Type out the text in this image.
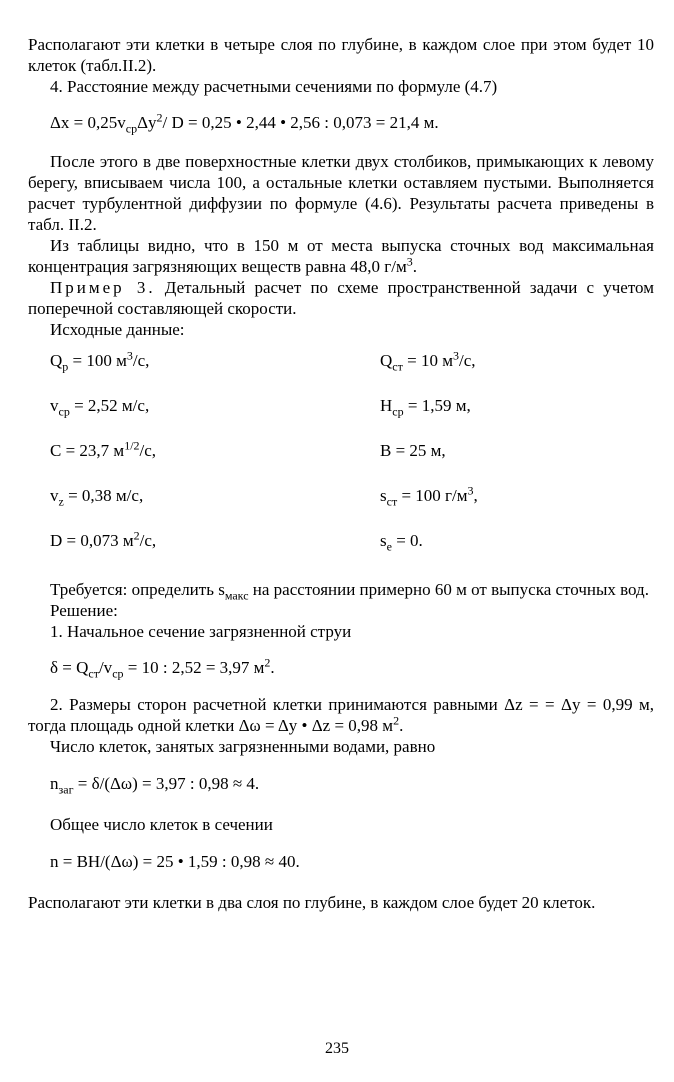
Располагают эти клетки в четыре слоя по глубине, в каждом слое при этом будет 10 клеток (табл.II.2).

4. Расстояние между расчетными сечениями по формуле (4.7)

$\Delta x = 0,25v_{ср}\Delta y^2/$ D = 0,25 • 2,44 • 2,56 : 0,073 = 21,4 м.

После этого в две поверхностные клетки двух столбиков, примыкающих к левому берегу, вписываем числа 100, а остальные клетки оставляем пустыми. Выполняется расчет турбулентной диффузии по формуле (4.6). Результаты расчета приведены в табл. II.2.

Из таблицы видно, что в 150 м от места выпуска сточных вод максимальная концентрация загрязняющих веществ равна 48,0 $г/м^3$.

Пример 3. Детальный расчет по схеме пространственной задачи с учетом поперечной составляющей скорости.

Исходные данные:

$Q_p = 100$ $м^3/с$,	$Q_{ст} = 10$ $м^3/с$,
$v_{ср} = 2,52$ м/с,	$H_{ср} = 1,59$ м,
C = 23,7 $м^{1/2}/с$,	B = 25 м,
$v_z = 0,38$ м/с,	$s_{ст} = 100$ $г/м^3$,
D = 0,073 $м^2/с$,	$s_e = 0$.

Требуется: определить $s_{макс}$ на расстоянии примерно 60 м от выпуска сточных вод.

Решение:

1. Начальное сечение загрязненной струи

$\delta = Q_{ст}/v_{ср} = 10$ : 2,52 = 3,97 $м^2$.

2. Размеры сторон расчетной клетки принимаются равными Δz = = Δy = 0,99 м, тогда площадь одной клетки Δω = Δy • Δz = 0,98 $м^2$.

Число клеток, занятых загрязненными водами, равно

$n_{заг} = \delta/(\Delta\omega) = 3,97$ : 0,98 ≈ 4.

Общее число клеток в сечении

n = BH/(Δω) = 25 • 1,59 : 0,98 ≈ 40.

Располагают эти клетки в два слоя по глубине, в каждом слое будет 20 клеток.

235
